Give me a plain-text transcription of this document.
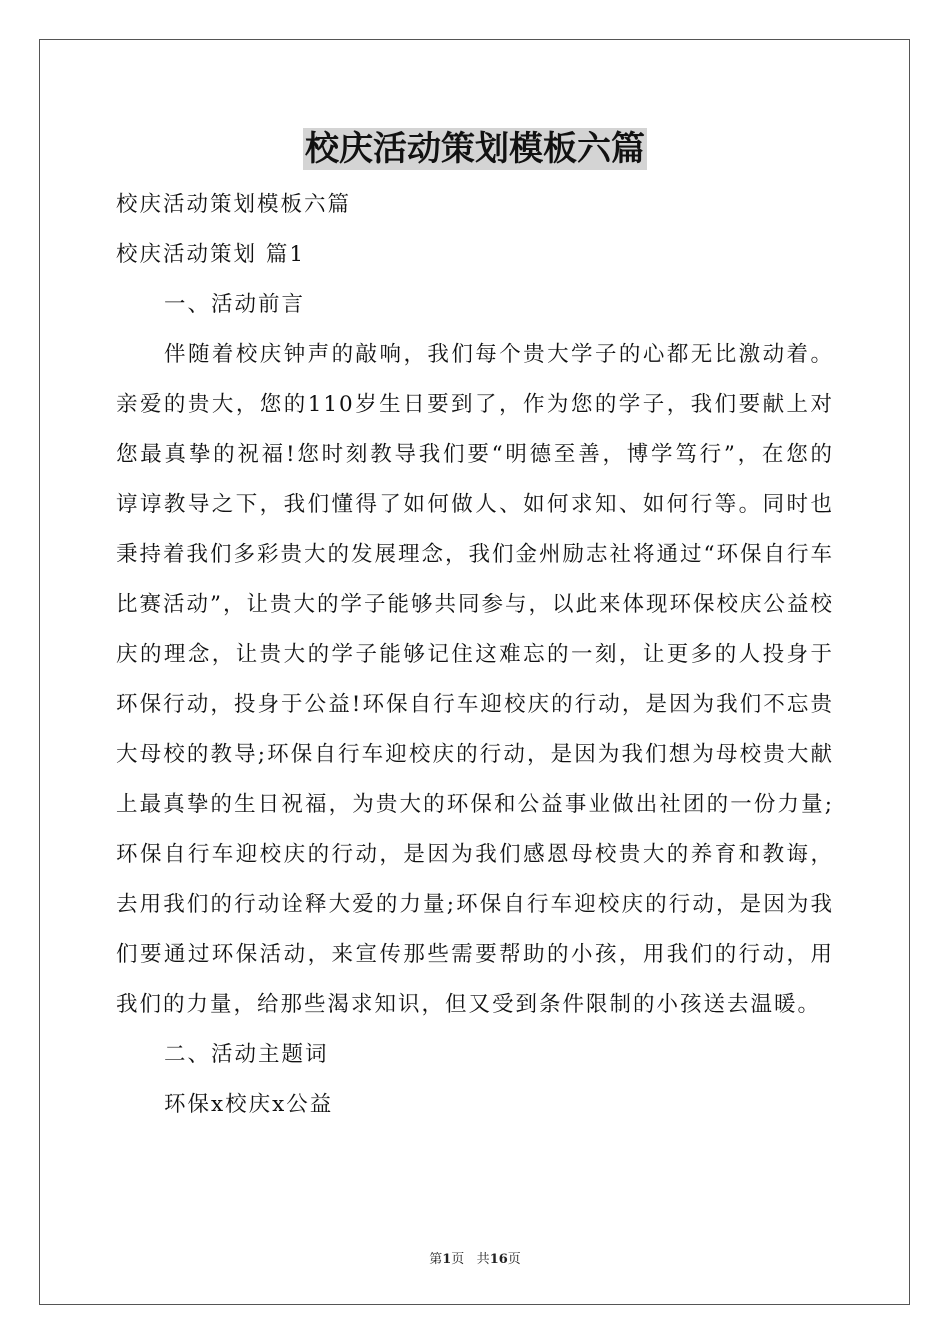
校庆活动策划模板六篇

校庆活动策划模板六篇

校庆活动策划 篇1

一、活动前言

伴随着校庆钟声的敲响，我们每个贵大学子的心都无比激动着。亲爱的贵大，您的110岁生日要到了，作为您的学子，我们要献上对您最真挚的祝福!您时刻教导我们要“明德至善，博学笃行”，在您的谆谆教导之下，我们懂得了如何做人、如何求知、如何行等。同时也秉持着我们多彩贵大的发展理念，我们金州励志社将通过“环保自行车比赛活动”，让贵大的学子能够共同参与，以此来体现环保校庆公益校庆的理念，让贵大的学子能够记住这难忘的一刻，让更多的人投身于环保行动，投身于公益!环保自行车迎校庆的行动，是因为我们不忘贵大母校的教导;环保自行车迎校庆的行动，是因为我们想为母校贵大献上最真挚的生日祝福，为贵大的环保和公益事业做出社团的一份力量;环保自行车迎校庆的行动，是因为我们感恩母校贵大的养育和教诲，去用我们的行动诠释大爱的力量;环保自行车迎校庆的行动，是因为我们要通过环保活动，来宣传那些需要帮助的小孩，用我们的行动，用我们的力量，给那些渴求知识，但又受到条件限制的小孩送去温暖。

二、活动主题词

环保x校庆x公益

第1页 共16页
